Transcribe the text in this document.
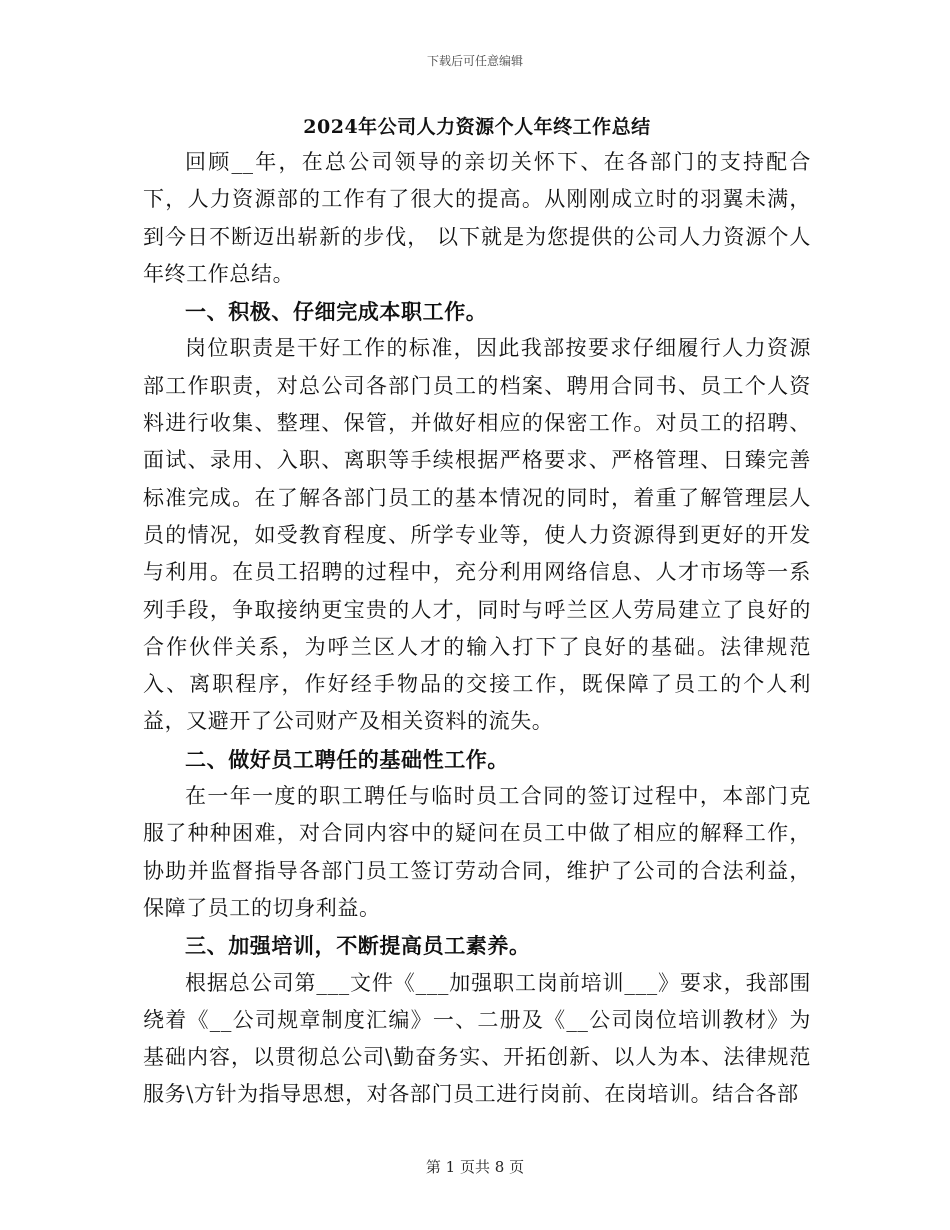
下载后可任意编辑
2024年公司人力资源个人年终工作总结

回顾__年，在总公司领导的亲切关怀下、在各部门的支持配合下，人力资源部的工作有了很大的提高。从刚刚成立时的羽翼未满，到今日不断迈出崭新的步伐， 以下就是为您提供的公司人力资源个人年终工作总结。

一、积极、仔细完成本职工作。

岗位职责是干好工作的标准，因此我部按要求仔细履行人力资源部工作职责，对总公司各部门员工的档案、聘用合同书、员工个人资料进行收集、整理、保管，并做好相应的保密工作。对员工的招聘、面试、录用、入职、离职等手续根据严格要求、严格管理、日臻完善标准完成。在了解各部门员工的基本情况的同时，着重了解管理层人员的情况，如受教育程度、所学专业等，使人力资源得到更好的开发与利用。在员工招聘的过程中，充分利用网络信息、人才市场等一系列手段，争取接纳更宝贵的人才，同时与呼兰区人劳局建立了良好的合作伙伴关系，为呼兰区人才的输入打下了良好的基础。法律规范入、离职程序，作好经手物品的交接工作，既保障了员工的个人利益，又避开了公司财产及相关资料的流失。

二、做好员工聘任的基础性工作。

在一年一度的职工聘任与临时员工合同的签订过程中，本部门克服了种种困难，对合同内容中的疑问在员工中做了相应的解释工作，协助并监督指导各部门员工签订劳动合同，维护了公司的合法利益，保障了员工的切身利益。

三、加强培训，不断提高员工素养。

根据总公司第___文件《___加强职工岗前培训___》要求，我部围绕着《__公司规章制度汇编》一、二册及《__公司岗位培训教材》为基础内容，以贯彻总公司\勤奋务实、开拓创新、以人为本、法律规范服务\方针为指导思想，对各部门员工进行岗前、在岗培训。结合各部

第 1 页共 8 页
